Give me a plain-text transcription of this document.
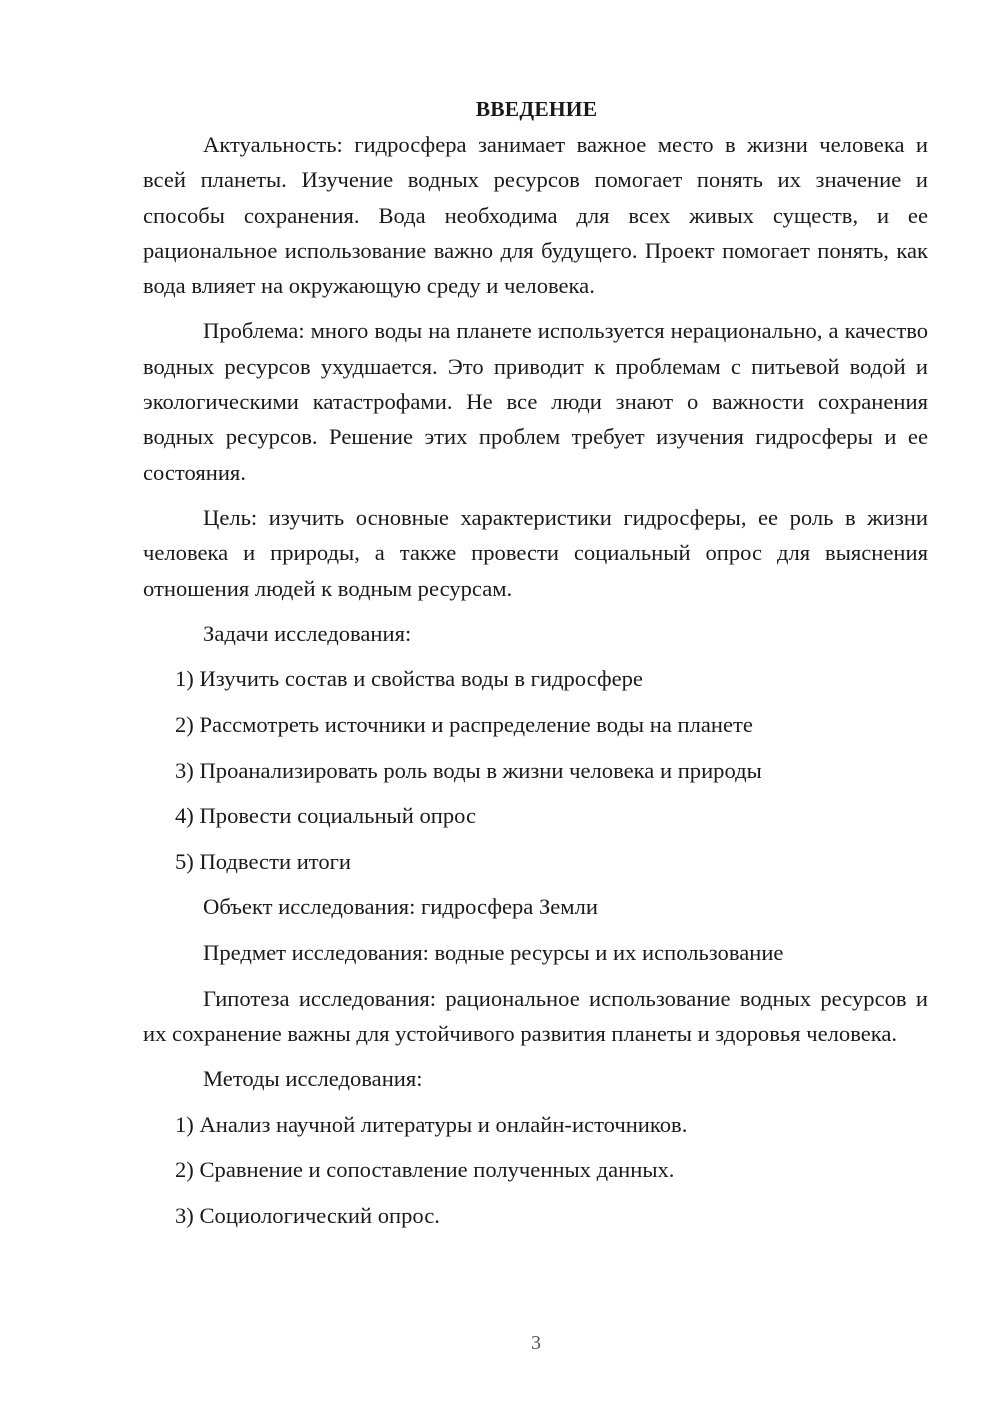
ВВЕДЕНИЕ

Актуальность: гидросфера занимает важное место в жизни человека и всей планеты. Изучение водных ресурсов помогает понять их значение и способы сохранения. Вода необходима для всех живых существ, и ее рациональное использование важно для будущего. Проект помогает понять, как вода влияет на окружающую среду и человека.

Проблема: много воды на планете используется нерационально, а качество водных ресурсов ухудшается. Это приводит к проблемам с питьевой водой и экологическими катастрофами. Не все люди знают о важности сохранения водных ресурсов. Решение этих проблем требует изучения гидросферы и ее состояния.

Цель: изучить основные характеристики гидросферы, ее роль в жизни человека и природы, а также провести социальный опрос для выяснения отношения людей к водным ресурсам.

Задачи исследования:
1) Изучить состав и свойства воды в гидросфере
2) Рассмотреть источники и распределение воды на планете
3) Проанализировать роль воды в жизни человека и природы
4) Провести социальный опрос
5) Подвести итоги
Объект исследования: гидросфера Земли
Предмет исследования: водные ресурсы и их использование

Гипотеза исследования: рациональное использование водных ресурсов и их сохранение важны для устойчивого развития планеты и здоровья человека.

Методы исследования:
1) Анализ научной литературы и онлайн-источников.
2) Сравнение и сопоставление полученных данных.
3) Социологический опрос.
3
